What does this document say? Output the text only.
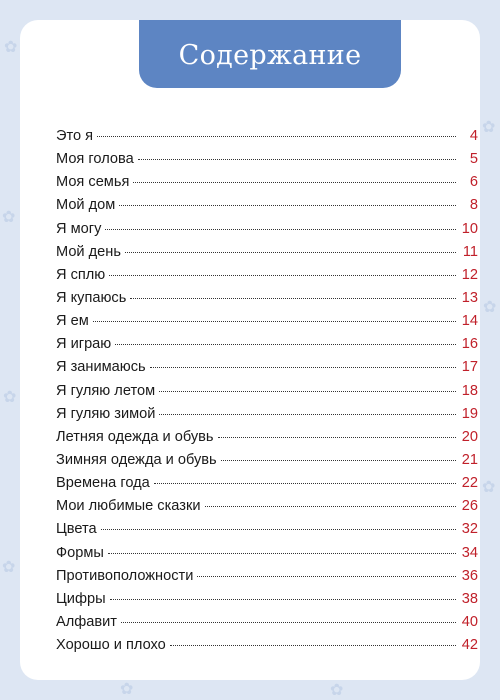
✿
✿
✿
✿
✿
✿
✿
✿	✿
Содержание
Это я	4
Моя голова	5
Моя семья	6
Мой дом	8
Я могу	10
Мой день	11
Я сплю	12
Я купаюсь	13
Я ем	14
Я играю	16
Я занимаюсь	17
Я гуляю летом	18
Я гуляю зимой	19
Летняя одежда и обувь	20
Зимняя одежда и обувь	21
Времена года	22
Мои любимые сказки	26
Цвета	32
Формы	34
Противоположности	36
Цифры	38
Алфавит	40
Хорошо и плохо	42
